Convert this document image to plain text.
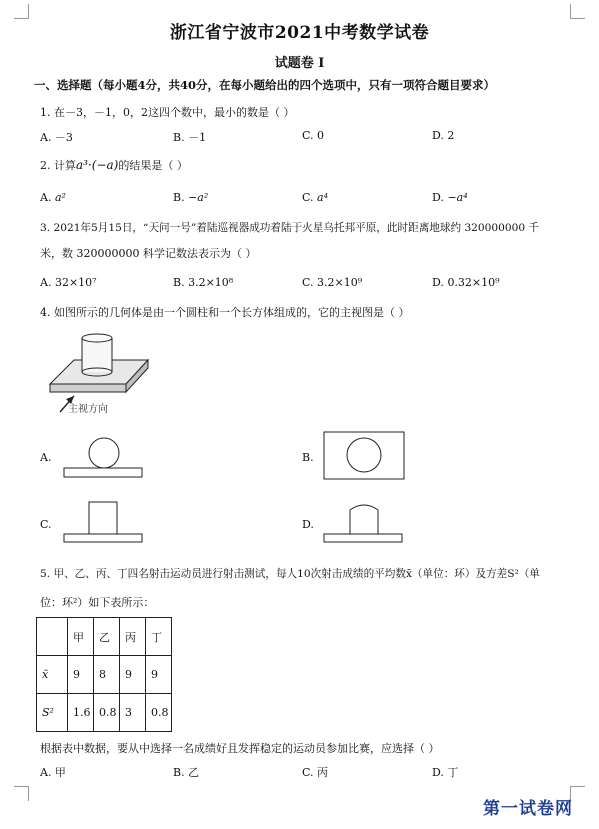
浙江省宁波市2021中考数学试卷
试题卷 I
一、选择题（每小题4分，共40分，在每小题给出的四个选项中，只有一项符合题目要求）
1. 在－3，－1，0，2这四个数中，最小的数是（ ）
A. －3	B. －1	C. 0	D. 2
2. 计算a³·(−a)的结果是（ ）
A. a²	B. −a²	C. a⁴	D. −a⁴
3. 2021年5月15日，“天问一号”着陆巡视器成功着陆于火星乌托邦平原，此时距离地球约 320000000 千
米，数 320000000 科学记数法表示为（ ）
A. 32×10⁷	B. 3.2×10⁸	C. 3.2×10⁹	D. 0.32×10⁹
4. 如图所示的几何体是由一个圆柱和一个长方体组成的，它的主视图是（ ）
主视方向
A.	B.
C.	D.
5. 甲、乙、丙、丁四名射击运动员进行射击测试，每人10次射击成绩的平均数x̄（单位：环）及方差S²（单
位：环²）如下表所示：
	甲	乙	丙	丁
x̄	9	8	9	9
S²	1.6	0.8	3	0.8
根据表中数据，要从中选择一名成绩好且发挥稳定的运动员参加比赛，应选择（ ）
A. 甲	B. 乙	C. 丙	D. 丁
第一试卷网
